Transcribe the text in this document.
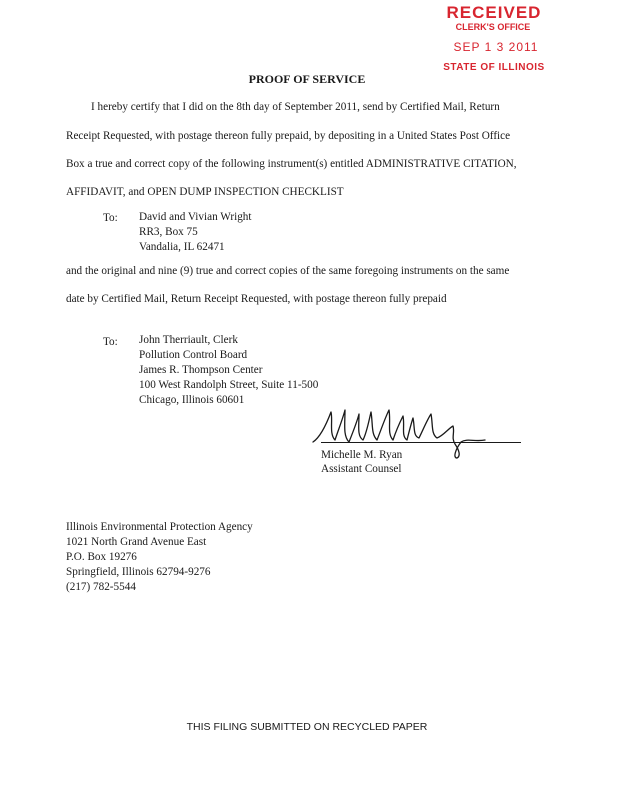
RECEIVED
CLERK'S OFFICE
SEP 1 3 2011
STATE OF ILLINOIS
PROOF OF SERVICE
I hereby certify that I did on the 8th day of September 2011, send by Certified Mail, Return
Receipt Requested, with postage thereon fully prepaid, by depositing in a United States Post Office
Box a true and correct copy of the following instrument(s) entitled ADMINISTRATIVE CITATION,
AFFIDAVIT, and OPEN DUMP INSPECTION CHECKLIST
To: David and Vivian Wright
RR3, Box 75
Vandalia, IL 62471
and the original and nine (9) true and correct copies of the same foregoing instruments on the same
date by Certified Mail, Return Receipt Requested, with postage thereon fully prepaid
To: John Therriault, Clerk
Pollution Control Board
James R. Thompson Center
100 West Randolph Street, Suite 11-500
Chicago, Illinois 60601
Michelle M. Ryan
Assistant Counsel
Illinois Environmental Protection Agency
1021 North Grand Avenue East
P.O. Box 19276
Springfield, Illinois 62794-9276
(217) 782-5544
THIS FILING SUBMITTED ON RECYCLED PAPER
